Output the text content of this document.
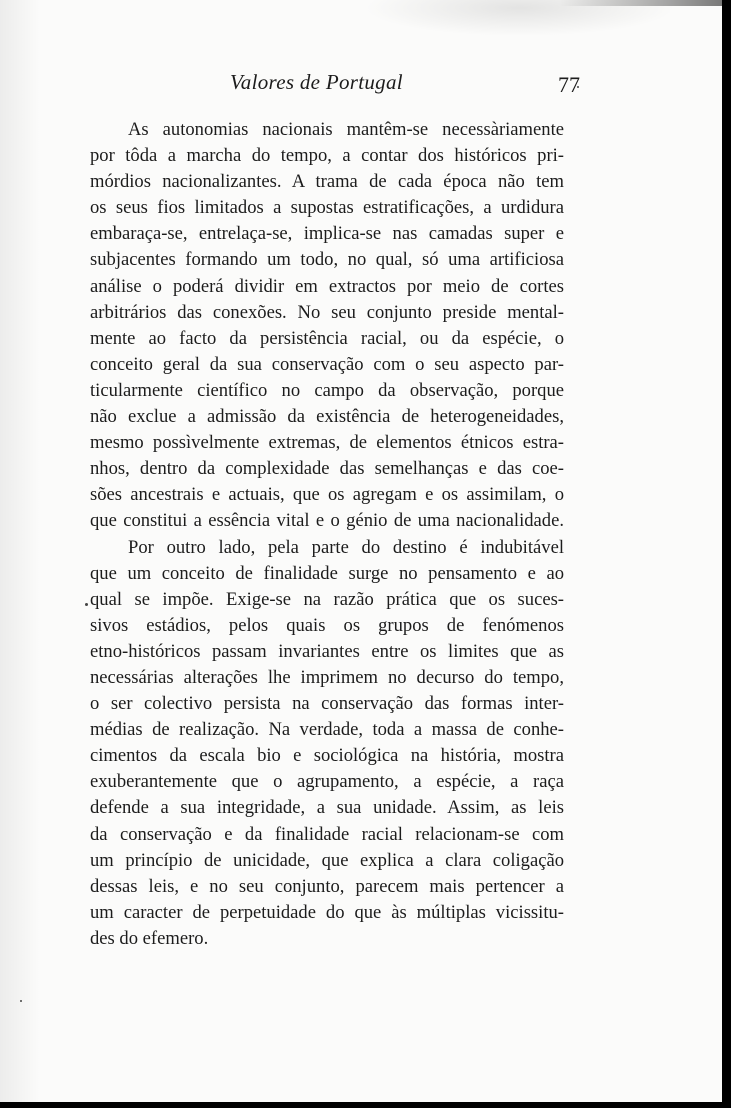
Valores de Portugal	77
As autonomias nacionais mantêm-se necessàriamente
por tôda a marcha do tempo, a contar dos históricos pri-
mórdios nacionalizantes. A trama de cada época não tem
os seus fios limitados a supostas estratificações, a urdidura
embaraça-se, entrelaça-se, implica-se nas camadas super e
subjacentes formando um todo, no qual, só uma artificiosa
análise o poderá dividir em extractos por meio de cortes
arbitrários das conexões. No seu conjunto preside mental-
mente ao facto da persistência racial, ou da espécie, o
conceito geral da sua conservação com o seu aspecto par-
ticularmente científico no campo da observação, porque
não exclue a admissão da existência de heterogeneidades,
mesmo possìvelmente extremas, de elementos étnicos estra-
nhos, dentro da complexidade das semelhanças e das coe-
sões ancestrais e actuais, que os agregam e os assimilam, o
que constitui a essência vital e o génio de uma nacionalidade.
Por outro lado, pela parte do destino é indubitável
que um conceito de finalidade surge no pensamento e ao
qual se impõe. Exige-se na razão prática que os suces-
sivos estádios, pelos quais os grupos de fenómenos
etno-históricos passam invariantes entre os limites que as
necessárias alterações lhe imprimem no decurso do tempo,
o ser colectivo persista na conservação das formas inter-
médias de realização. Na verdade, toda a massa de conhe-
cimentos da escala bio e sociológica na história, mostra
exuberantemente que o agrupamento, a espécie, a raça
defende a sua integridade, a sua unidade. Assim, as leis
da conservação e da finalidade racial relacionam-se com
um princípio de unicidade, que explica a clara coligação
dessas leis, e no seu conjunto, parecem mais pertencer a
um caracter de perpetuidade do que às múltiplas vicissitu-
des do efemero.
